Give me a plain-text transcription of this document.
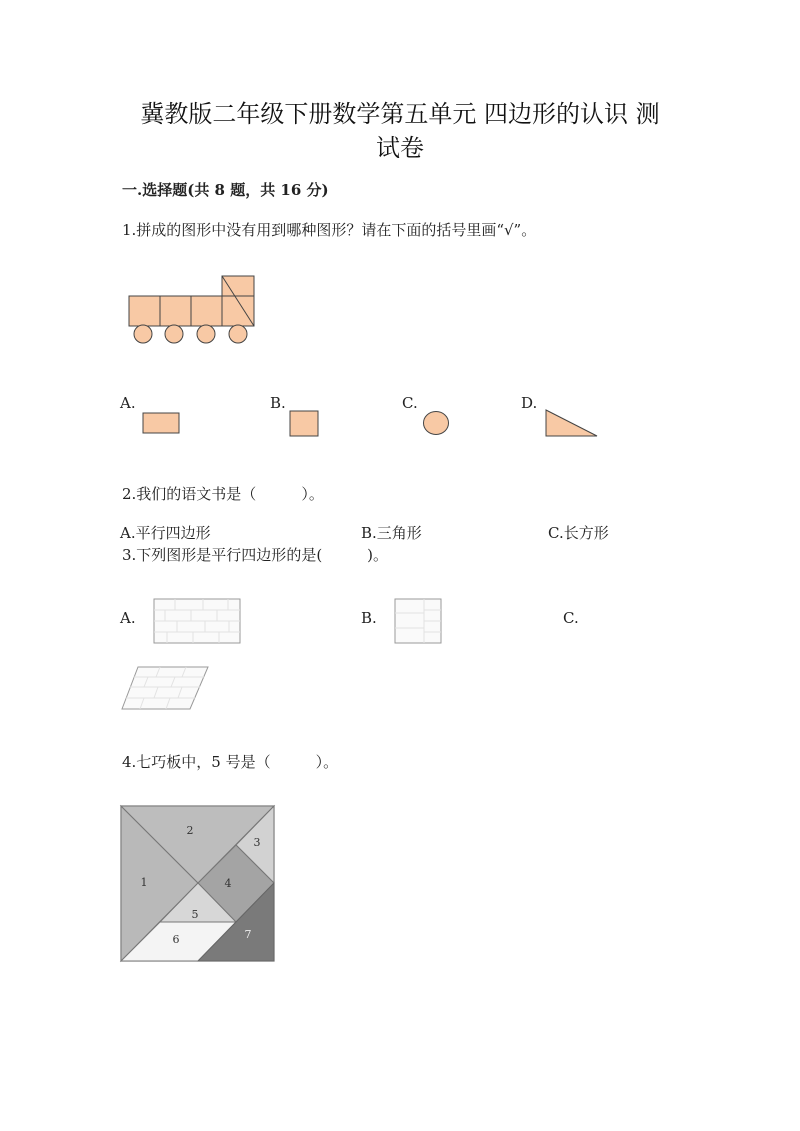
冀教版二年级下册数学第五单元 四边形的认识 测
试卷
一.选择题(共 8 题，共 16 分)
1.拼成的图形中没有用到哪种图形？请在下面的括号里画“√”。
A.	B.	C.	D.
2.我们的语文书是（　　　）。
A.平行四边形	B.三角形	C.长方形
3.下列图形是平行四边形的是(　　　)。
A.	B.	C.
4.七巧板中，5 号是（　　　）。
1
2
3
4
5
6	7
